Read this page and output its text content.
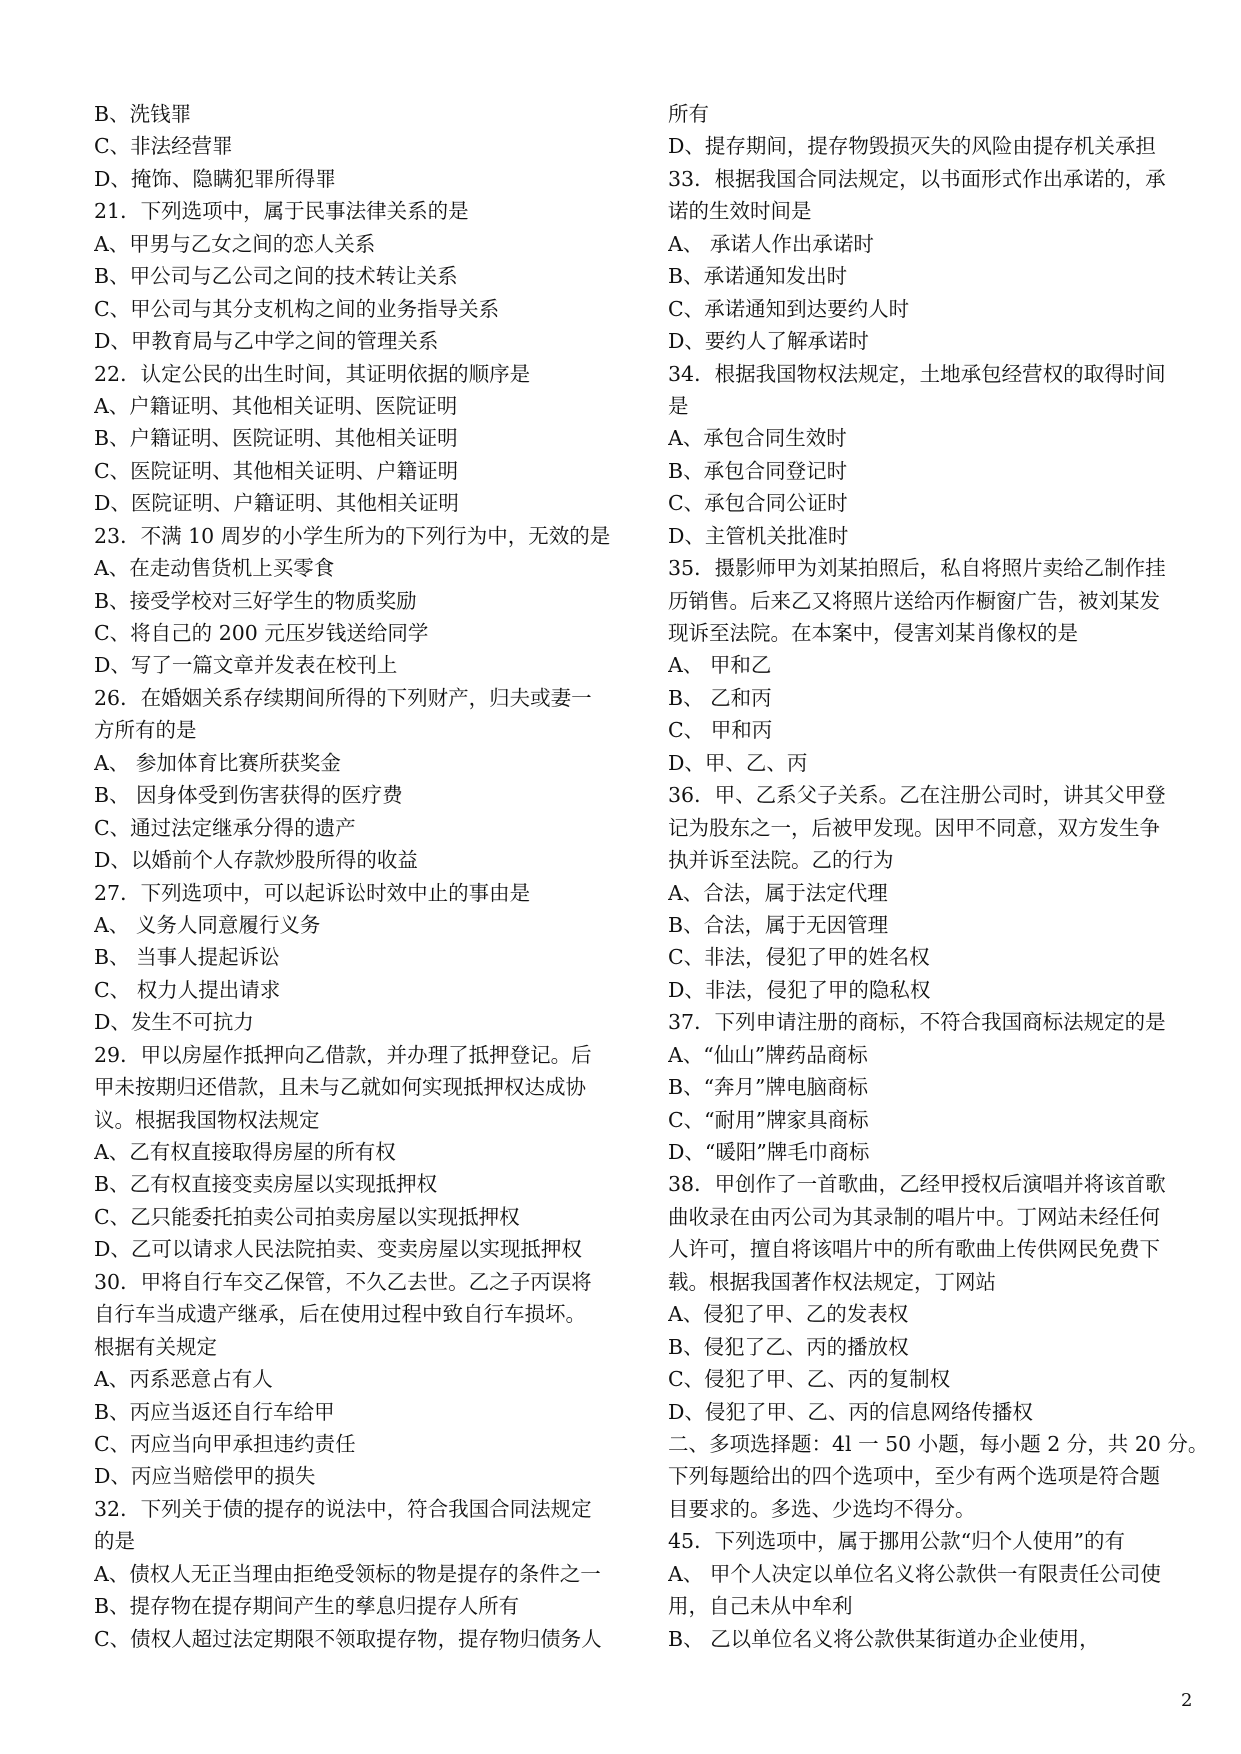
B、洗钱罪
C、非法经营罪
D、掩饰、隐瞒犯罪所得罪
21．下列选项中，属于民事法律关系的是
A、甲男与乙女之间的恋人关系
B、甲公司与乙公司之间的技术转让关系
C、甲公司与其分支机构之间的业务指导关系
D、甲教育局与乙中学之间的管理关系
22．认定公民的出生时间，其证明依据的顺序是
A、户籍证明、其他相关证明、医院证明
B、户籍证明、医院证明、其他相关证明
C、医院证明、其他相关证明、户籍证明
D、医院证明、户籍证明、其他相关证明
23．不满 10 周岁的小学生所为的下列行为中，无效的是
A、在走动售货机上买零食
B、接受学校对三好学生的物质奖励
C、将自己的 200 元压岁钱送给同学
D、写了一篇文章并发表在校刊上
26．在婚姻关系存续期间所得的下列财产，归夫或妻一
方所有的是
A、 参加体育比赛所获奖金
B、 因身体受到伤害获得的医疗费
C、通过法定继承分得的遗产
D、以婚前个人存款炒股所得的收益
27．下列选项中，可以起诉讼时效中止的事由是
A、 义务人同意履行义务
B、 当事人提起诉讼
C、 权力人提出请求
D、发生不可抗力
29．甲以房屋作抵押向乙借款，并办理了抵押登记。后
甲未按期归还借款，且未与乙就如何实现抵押权达成协
议。根据我国物权法规定
A、乙有权直接取得房屋的所有权
B、乙有权直接变卖房屋以实现抵押权
C、乙只能委托拍卖公司拍卖房屋以实现抵押权
D、乙可以请求人民法院拍卖、变卖房屋以实现抵押权
30．甲将自行车交乙保管，不久乙去世。乙之子丙误将
自行车当成遗产继承，后在使用过程中致自行车损坏。
根据有关规定
A、丙系恶意占有人
B、丙应当返还自行车给甲
C、丙应当向甲承担违约责任
D、丙应当赔偿甲的损失
32．下列关于债的提存的说法中，符合我国合同法规定
的是
A、债权人无正当理由拒绝受领标的物是提存的条件之一
B、提存物在提存期间产生的孳息归提存人所有
C、债权人超过法定期限不领取提存物，提存物归债务人
所有
D、提存期间，提存物毁损灭失的风险由提存机关承担
33．根据我国合同法规定，以书面形式作出承诺的，承
诺的生效时间是
A、 承诺人作出承诺时
B、承诺通知发出时
C、承诺通知到达要约人时
D、要约人了解承诺时
34．根据我国物权法规定，土地承包经营权的取得时间
是
A、承包合同生效时
B、承包合同登记时
C、承包合同公证时
D、主管机关批准时
35．摄影师甲为刘某拍照后，私自将照片卖给乙制作挂
历销售。后来乙又将照片送给丙作橱窗广告，被刘某发
现诉至法院。在本案中，侵害刘某肖像权的是
A、 甲和乙
B、 乙和丙
C、 甲和丙
D、甲、乙、丙
36．甲、乙系父子关系。乙在注册公司时，讲其父甲登
记为股东之一，后被甲发现。因甲不同意，双方发生争
执并诉至法院。乙的行为
A、合法，属于法定代理
B、合法，属于无因管理
C、非法，侵犯了甲的姓名权
D、非法，侵犯了甲的隐私权
37．下列申请注册的商标，不符合我国商标法规定的是
A、“仙山”牌药品商标
B、“奔月”牌电脑商标
C、“耐用”牌家具商标
D、“暖阳”牌毛巾商标
38．甲创作了一首歌曲，乙经甲授权后演唱并将该首歌
曲收录在由丙公司为其录制的唱片中。丁网站未经任何
人许可，擅自将该唱片中的所有歌曲上传供网民免费下
载。根据我国著作权法规定，丁网站
A、侵犯了甲、乙的发表权
B、侵犯了乙、丙的播放权
C、侵犯了甲、乙、丙的复制权
D、侵犯了甲、乙、丙的信息网络传播权
二、多项选择题：4l 一 50 小题，每小题 2 分，共 20 分。
下列每题给出的四个选项中，至少有两个选项是符合题
目要求的。多选、少选均不得分。
45．下列选项中，属于挪用公款“归个人使用”的有
A、 甲个人决定以单位名义将公款供一有限责任公司使
用，自己未从中牟利
B、 乙以单位名义将公款供某街道办企业使用，
2
